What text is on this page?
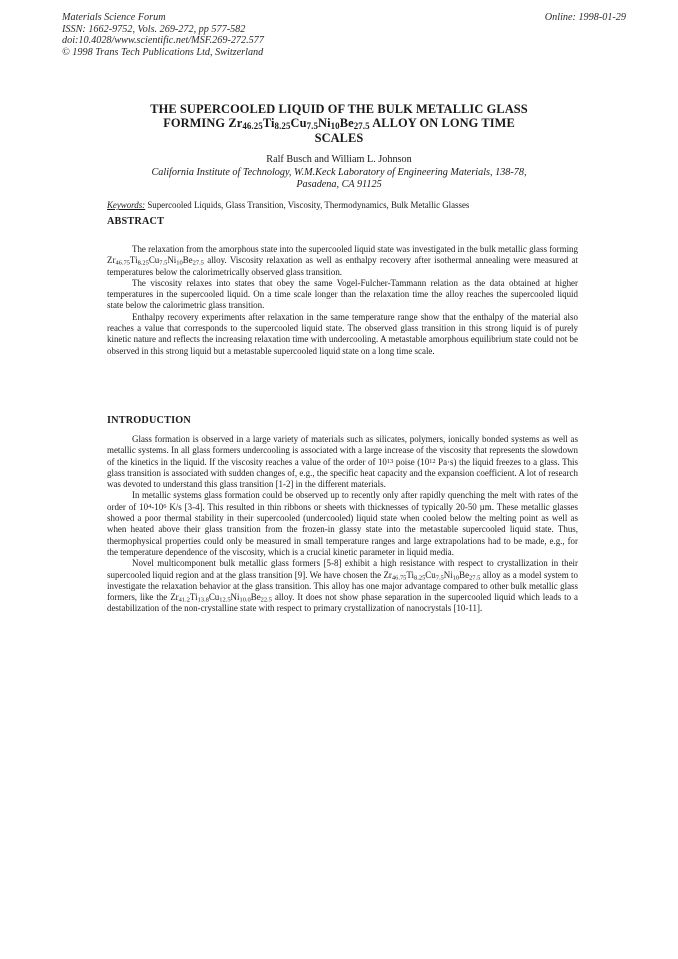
Materials Science Forum
ISSN: 1662-9752, Vols. 269-272, pp 577-582
doi:10.4028/www.scientific.net/MSF.269-272.577
© 1998 Trans Tech Publications Ltd, Switzerland
Online: 1998-01-29
THE SUPERCOOLED LIQUID OF THE BULK METALLIC GLASS
FORMING $Zr_{46.25}Ti_{8.25}Cu_{7.5}Ni_{10}Be_{27.5}$ ALLOY ON LONG TIME
SCALES
Ralf Busch and William L. Johnson
California Institute of Technology, W.M.Keck Laboratory of Engineering Materials, 138-78,
Pasadena, CA 91125
Keywords: Supercooled Liquids, Glass Transition, Viscosity, Thermodynamics, Bulk Metallic Glasses
ABSTRACT

The relaxation from the amorphous state into the supercooled liquid state was investigated in the bulk metallic glass forming $Zr_{46.75}Ti_{8.25}Cu_{7.5}Ni_{10}Be_{27.5}$ alloy. Viscosity relaxation as well as enthalpy recovery after isothermal annealing were measured at temperatures below the calorimetrically observed glass transition.

The viscosity relaxes into states that obey the same Vogel-Fulcher-Tammann relation as the data obtained at higher temperatures in the supercooled liquid. On a time scale longer than the relaxation time the alloy reaches the supercooled liquid state below the calorimetric glass transition.

Enthalpy recovery experiments after relaxation in the same temperature range show that the enthalpy of the material also reaches a value that corresponds to the supercooled liquid state. The observed glass transition in this strong liquid is of purely kinetic nature and reflects the increasing relaxation time with undercooling. A metastable amorphous equilibrium state could not be observed in this strong liquid but a metastable supercooled liquid state on a long time scale.

INTRODUCTION

Glass formation is observed in a large variety of materials such as silicates, polymers, ionically bonded systems as well as metallic systems. In all glass formers undercooling is associated with a large increase of the viscosity that represents the slowdown of the kinetics in the liquid. If the viscosity reaches a value of the order of $10^{13}$ poise ($10^{12}$ Pa·s) the liquid freezes to a glass. This glass transition is associated with sudden changes of, e.g., the specific heat capacity and the expansion coefficient. A lot of research was devoted to understand this glass transition [1-2] in the different materials.

In metallic systems glass formation could be observed up to recently only after rapidly quenching the melt with rates of the order of $10^4-10^6$ K/s [3-4]. This resulted in thin ribbons or sheets with thicknesses of typically 20-50 µm. These metallic glasses showed a poor thermal stability in their supercooled (undercooled) liquid state when cooled below the melting point as well as when heated above their glass transition from the frozen-in glassy state into the metastable supercooled liquid state. Thus, thermophysical properties could only be measured in small temperature ranges and large extrapolations had to be made, e.g., for the temperature dependence of the viscosity, which is a crucial kinetic parameter in liquid media.

Novel multicomponent bulk metallic glass formers [5-8] exhibit a high resistance with respect to crystallization in their supercooled liquid region and at the glass transition [9]. We have chosen the $Zr_{46.75}Ti_{8.25}Cu_{7.5}Ni_{10}Be_{27.5}$ alloy as a model system to investigate the relaxation behavior at the glass transition. This alloy has one major advantage compared to other bulk metallic glass formers, like the $Zr_{41.2}Ti_{13.8}Cu_{12.5}Ni_{10.0}Be_{22.5}$ alloy. It does not show phase separation in the supercooled liquid which leads to a destabilization of the non-crystalline state with respect to primary crystallization of nanocrystals [10-11].
